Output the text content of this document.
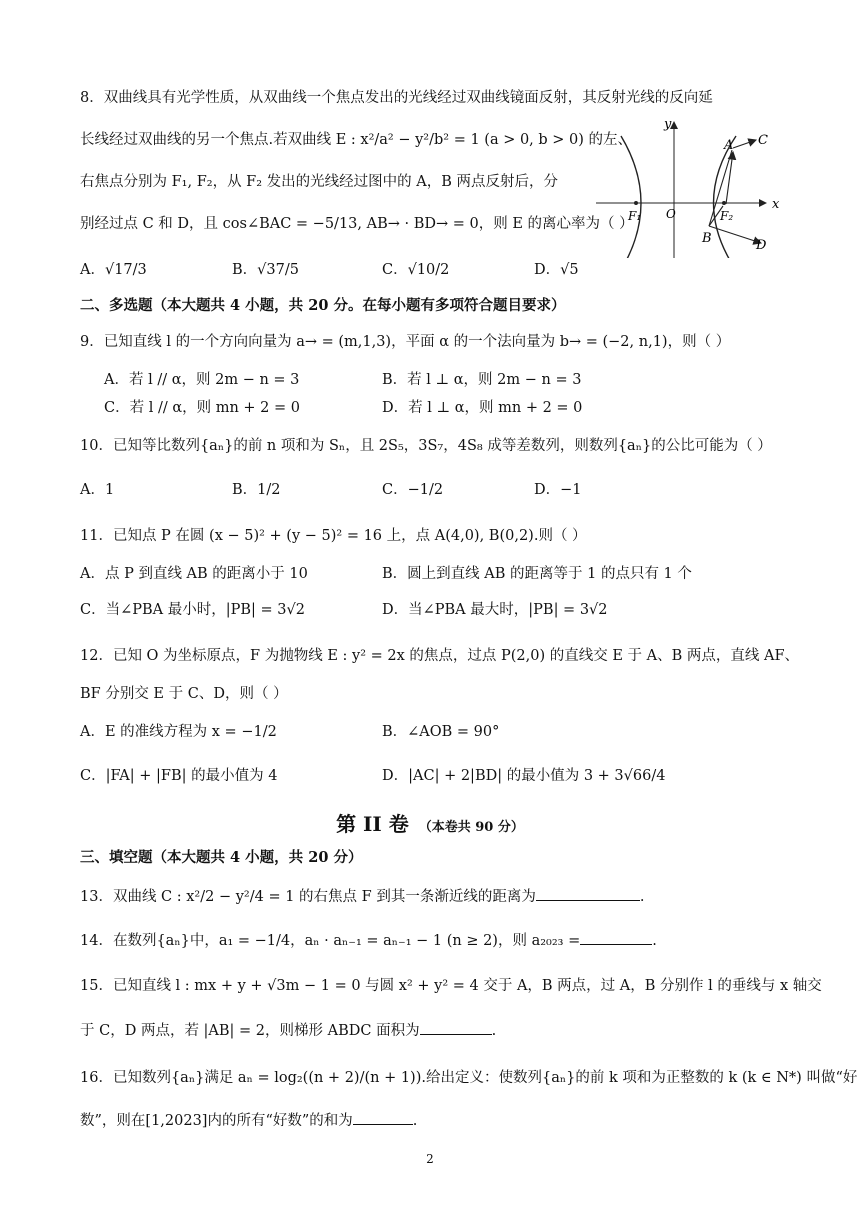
8．双曲线具有光学性质，从双曲线一个焦点发出的光线经过双曲线镜面反射，其反射光线的反向延
长线经过双曲线的另一个焦点.若双曲线 E : x²/a² − y²/b² = 1 (a > 0, b > 0) 的左、
右焦点分别为 F₁, F₂，从 F₂ 发出的光线经过图中的 A，B 两点反射后，分
别经过点 C 和 D，且 cos∠BAC = −5/13, AB→ · BD→ = 0，则 E 的离心率为（ ）
A．√17/3	B．√37/5	C．√10/2	D．√5
y
x
A C
F₁ O	F₂
B	D
二、多选题（本大题共 4 小题，共 20 分。在每小题有多项符合题目要求）
9．已知直线 l 的一个方向向量为 a→ = (m,1,3)，平面 α 的一个法向量为 b→ = (−2, n,1)，则（ ）
A．若 l // α，则 2m − n = 3	B．若 l ⊥ α，则 2m − n = 3
C．若 l // α，则 mn + 2 = 0	D．若 l ⊥ α，则 mn + 2 = 0
10．已知等比数列{aₙ}的前 n 项和为 Sₙ，且 2S₅，3S₇，4S₈ 成等差数列，则数列{aₙ}的公比可能为（ ）
A．1	B．1/2	C．−1/2	D．−1
11．已知点 P 在圆 (x − 5)² + (y − 5)² = 16 上，点 A(4,0), B(0,2).则（ ）
A．点 P 到直线 AB 的距离小于 10	B．圆上到直线 AB 的距离等于 1 的点只有 1 个
C．当∠PBA 最小时，|PB| = 3√2	D．当∠PBA 最大时，|PB| = 3√2
12．已知 O 为坐标原点，F 为抛物线 E : y² = 2x 的焦点，过点 P(2,0) 的直线交 E 于 A、B 两点，直线 AF、
BF 分别交 E 于 C、D，则（ ）
A．E 的准线方程为 x = −1/2	B．∠AOB = 90°
C．|FA| + |FB| 的最小值为 4	D．|AC| + 2|BD| 的最小值为 3 + 3√66/4
第 II 卷 （本卷共 90 分）
三、填空题（本大题共 4 小题，共 20 分）
13．双曲线 C : x²/2 − y²/4 = 1 的右焦点 F 到其一条渐近线的距离为	.
14．在数列{aₙ}中，a₁ = −1/4，aₙ · aₙ₋₁ = aₙ₋₁ − 1 (n ≥ 2)，则 a₂₀₂₃ =	.
15．已知直线 l : mx + y + √3m − 1 = 0 与圆 x² + y² = 4 交于 A，B 两点，过 A，B 分别作 l 的垂线与 x 轴交
于 C，D 两点，若 |AB| = 2，则梯形 ABDC 面积为	.
16．已知数列{aₙ}满足 aₙ = log₂((n + 2)/(n + 1)).给出定义：使数列{aₙ}的前 k 项和为正整数的 k (k ∈ N*) 叫做“好
数”，则在[1,2023]内的所有“好数”的和为	.
2
